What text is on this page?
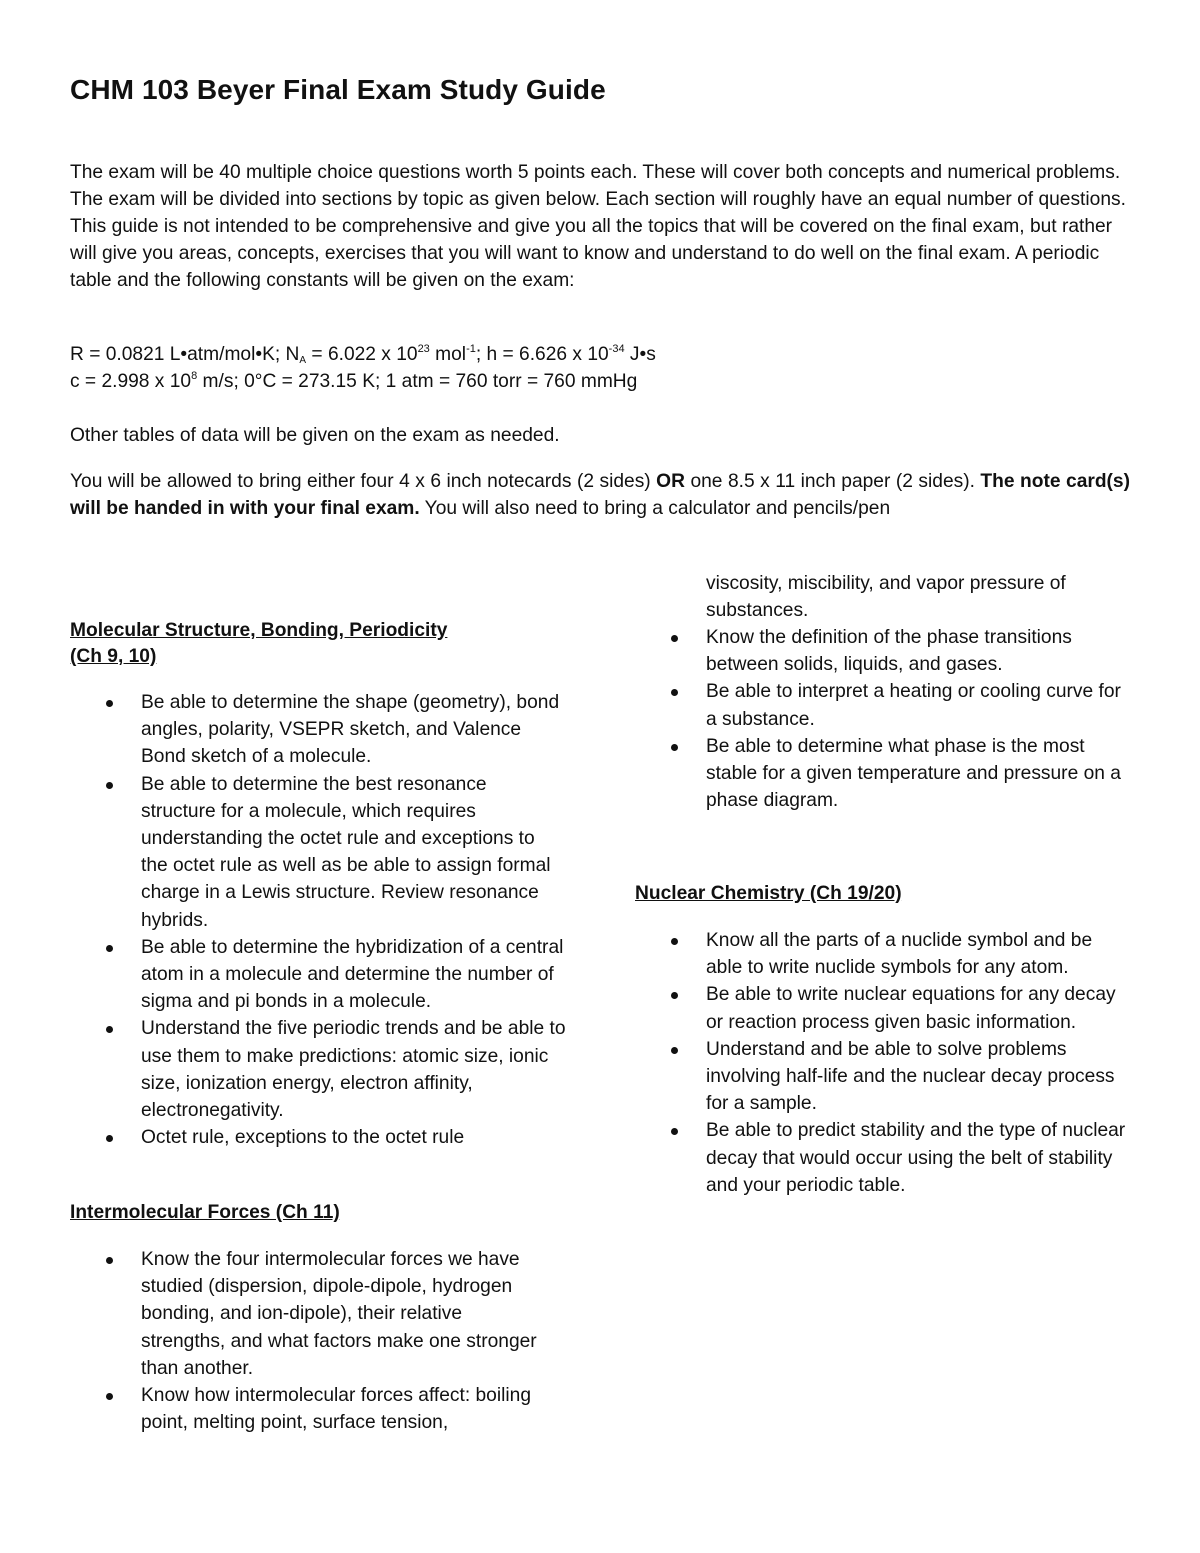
CHM 103 Beyer Final Exam Study Guide

The exam will be 40 multiple choice questions worth 5 points each. These will cover both concepts and numerical problems. The exam will be divided into sections by topic as given below. Each section will roughly have an equal number of questions. This guide is not intended to be comprehensive and give you all the topics that will be covered on the final exam, but rather will give you areas, concepts, exercises that you will want to know and understand to do well on the final exam. A periodic table and the following constants will be given on the exam:

R = 0.0821 L•atm/mol•K; $N_A = 6.022$ x $10^{23}$ mol$^{-1}$; h = 6.626 x $10^{-34}$ J•s

c = 2.998 x $10^8$ m/s; 0°C = 273.15 K; 1 atm = 760 torr = 760 mmHg

Other tables of data will be given on the exam as needed.

You will be allowed to bring either four 4 x 6 inch notecards (2 sides) OR one 8.5 x 11 inch paper (2 sides). The note card(s) will be handed in with your final exam. You will also need to bring a calculator and pencils/pen

Molecular Structure, Bonding, Periodicity
(Ch 9, 10)
Be able to determine the shape (geometry), bond angles, polarity, VSEPR sketch, and Valence Bond sketch of a molecule.
Be able to determine the best resonance structure for a molecule, which requires understanding the octet rule and exceptions to the octet rule as well as be able to assign formal charge in a Lewis structure. Review resonance hybrids.
Be able to determine the hybridization of a central atom in a molecule and determine the number of sigma and pi bonds in a molecule.
Understand the five periodic trends and be able to use them to make predictions: atomic size, ionic size, ionization energy, electron affinity, electronegativity.
Octet rule, exceptions to the octet rule
Intermolecular Forces (Ch 11)
Know the four intermolecular forces we have studied (dispersion, dipole-dipole, hydrogen bonding, and ion-dipole), their relative strengths, and what factors make one stronger than another.
Know how intermolecular forces affect: boiling point, melting point, surface tension,

viscosity, miscibility, and vapor pressure of substances.

Know the definition of the phase transitions between solids, liquids, and gases.
Be able to interpret a heating or cooling curve for a substance.
Be able to determine what phase is the most stable for a given temperature and pressure on a phase diagram.
Nuclear Chemistry (Ch 19/20)
Know all the parts of a nuclide symbol and be able to write nuclide symbols for any atom.
Be able to write nuclear equations for any decay or reaction process given basic information.
Understand and be able to solve problems involving half-life and the nuclear decay process for a sample.
Be able to predict stability and the type of nuclear decay that would occur using the belt of stability and your periodic table.
